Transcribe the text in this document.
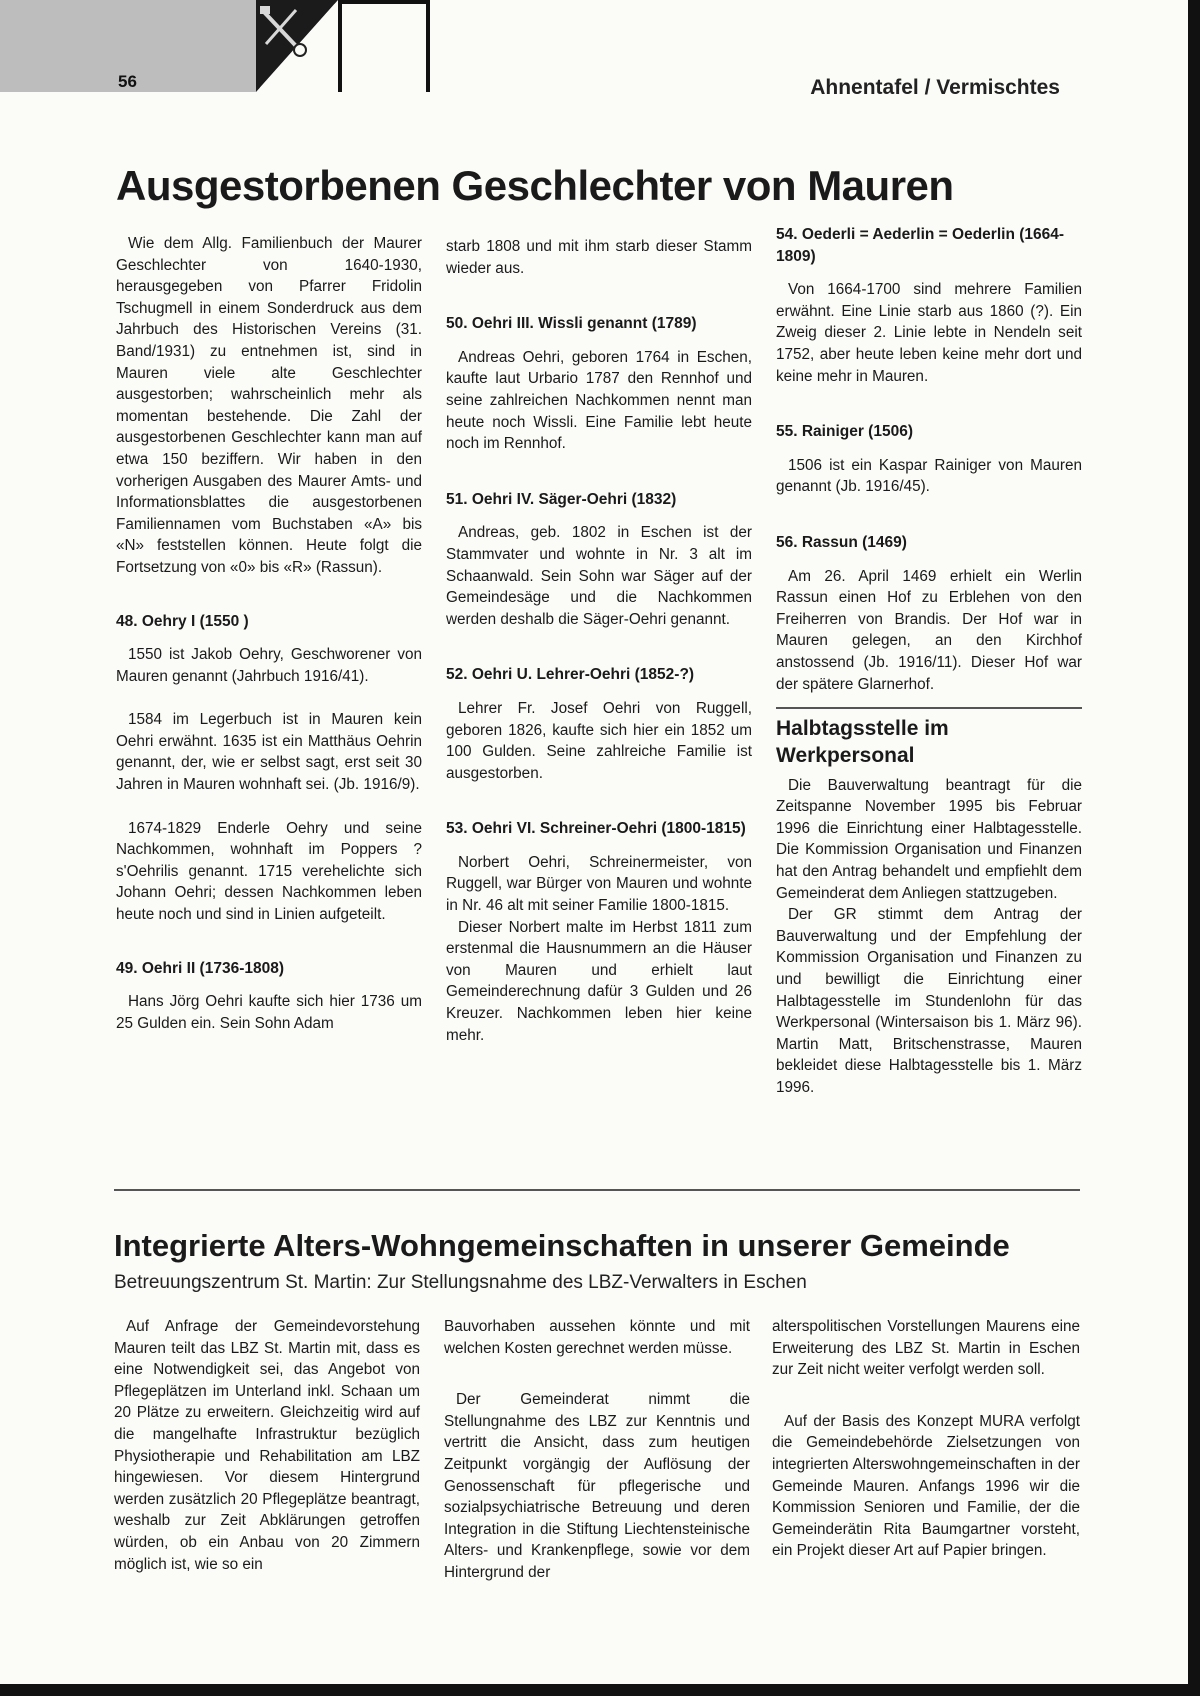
56	Ahnentafel / Vermischtes
Ausgestorbenen Geschlechter von Mauren

Wie dem Allg. Familienbuch der Maurer Geschlechter von 1640-1930, herausgegeben von Pfarrer Fridolin Tschugmell in einem Sonderdruck aus dem Jahrbuch des Historischen Vereins (31. Band/1931) zu entnehmen ist, sind in Mauren viele alte Geschlechter ausgestorben; wahrscheinlich mehr als momentan bestehende. Die Zahl der ausgestorbenen Geschlechter kann man auf etwa 150 beziffern. Wir haben in den vorherigen Ausgaben des Maurer Amts- und Informationsblattes die ausgestorbenen Familiennamen vom Buchstaben «A» bis «N» feststellen können. Heute folgt die Fortsetzung von «0» bis «R» (Rassun).

48. Oehry I (1550 )

1550 ist Jakob Oehry, Geschworener von Mauren genannt (Jahrbuch 1916/41).

1584 im Legerbuch ist in Mauren kein Oehri erwähnt. 1635 ist ein Matthäus Oehrin genannt, der, wie er selbst sagt, erst seit 30 Jahren in Mauren wohnhaft sei. (Jb. 1916/9).

1674-1829 Enderle Oehry und seine Nachkommen, wohnhaft im Poppers ? s'Oehrilis genannt. 1715 verehelichte sich Johann Oehri; dessen Nachkommen leben heute noch und sind in Linien aufgeteilt.

49. Oehri II (1736-1808)

Hans Jörg Oehri kaufte sich hier 1736 um 25 Gulden ein. Sein Sohn Adam

starb 1808 und mit ihm starb dieser Stamm wieder aus.

50. Oehri III. Wissli genannt (1789)

Andreas Oehri, geboren 1764 in Eschen, kaufte laut Urbario 1787 den Rennhof und seine zahlreichen Nachkommen nennt man heute noch Wissli. Eine Familie lebt heute noch im Rennhof.

51. Oehri IV. Säger-Oehri (1832)

Andreas, geb. 1802 in Eschen ist der Stammvater und wohnte in Nr. 3 alt im Schaanwald. Sein Sohn war Säger auf der Gemeindesäge und die Nachkommen werden deshalb die Säger-Oehri genannt.

52. Oehri U. Lehrer-Oehri (1852-?)

Lehrer Fr. Josef Oehri von Ruggell, geboren 1826, kaufte sich hier ein 1852 um 100 Gulden. Seine zahlreiche Familie ist ausgestorben.

53. Oehri VI. Schreiner-Oehri (1800-1815)

Norbert Oehri, Schreinermeister, von Ruggell, war Bürger von Mauren und wohnte in Nr. 46 alt mit seiner Familie 1800-1815.

Dieser Norbert malte im Herbst 1811 zum erstenmal die Hausnummern an die Häuser von Mauren und erhielt laut Gemeinderechnung dafür 3 Gulden und 26 Kreuzer. Nachkommen leben hier keine mehr.

54. Oederli = Aederlin = Oederlin (1664-1809)

Von 1664-1700 sind mehrere Familien erwähnt. Eine Linie starb aus 1860 (?). Ein Zweig dieser 2. Linie lebte in Nendeln seit 1752, aber heute leben keine mehr dort und keine mehr in Mauren.

55. Rainiger (1506)

1506 ist ein Kaspar Rainiger von Mauren genannt (Jb. 1916/45).

56. Rassun (1469)

Am 26. April 1469 erhielt ein Werlin Rassun einen Hof zu Erblehen von den Freiherren von Brandis. Der Hof war in Mauren gelegen, an den Kirchhof anstossend (Jb. 1916/11). Dieser Hof war der spätere Glarnerhof.

Halbtagsstelle im Werkpersonal

Die Bauverwaltung beantragt für die Zeitspanne November 1995 bis Februar 1996 die Einrichtung einer Halbtagesstelle. Die Kommission Organisation und Finanzen hat den Antrag behandelt und empfiehlt dem Gemeinderat dem Anliegen stattzugeben.

Der GR stimmt dem Antrag der Bauverwaltung und der Empfehlung der Kommission Organisation und Finanzen zu und bewilligt die Einrichtung einer Halbtagesstelle im Stundenlohn für das Werkpersonal (Wintersaison bis 1. März 96). Martin Matt, Britschenstrasse, Mauren bekleidet diese Halbtagesstelle bis 1. März 1996.

Integrierte Alters-Wohngemeinschaften in unserer Gemeinde
Betreuungszentrum St. Martin: Zur Stellungsnahme des LBZ-Verwalters in Eschen

Auf Anfrage der Gemeindevorstehung Mauren teilt das LBZ St. Martin mit, dass es eine Notwendigkeit sei, das Angebot von Pflegeplätzen im Unterland inkl. Schaan um 20 Plätze zu erweitern. Gleichzeitig wird auf die mangelhafte Infrastruktur bezüglich Physiotherapie und Rehabilitation am LBZ hingewiesen. Vor diesem Hintergrund werden zusätzlich 20 Pflegeplätze beantragt, weshalb zur Zeit Abklärungen getroffen würden, ob ein Anbau von 20 Zimmern möglich ist, wie so ein

Bauvorhaben aussehen könnte und mit welchen Kosten gerechnet werden müsse.

Der Gemeinderat nimmt die Stellungnahme des LBZ zur Kenntnis und vertritt die Ansicht, dass zum heutigen Zeitpunkt vorgängig der Auflösung der Genossenschaft für pflegerische und sozialpsychiatrische Betreuung und deren Integration in die Stiftung Liechtensteinische Alters- und Krankenpflege, sowie vor dem Hintergrund der

alterspolitischen Vorstellungen Maurens eine Erweiterung des LBZ St. Martin in Eschen zur Zeit nicht weiter verfolgt werden soll.

Auf der Basis des Konzept MURA verfolgt die Gemeindebehörde Zielsetzungen von integrierten Alterswohngemeinschaften in der Gemeinde Mauren. Anfangs 1996 wir die Kommission Senioren und Familie, der die Gemeinderätin Rita Baumgartner vorsteht, ein Projekt dieser Art auf Papier bringen.
